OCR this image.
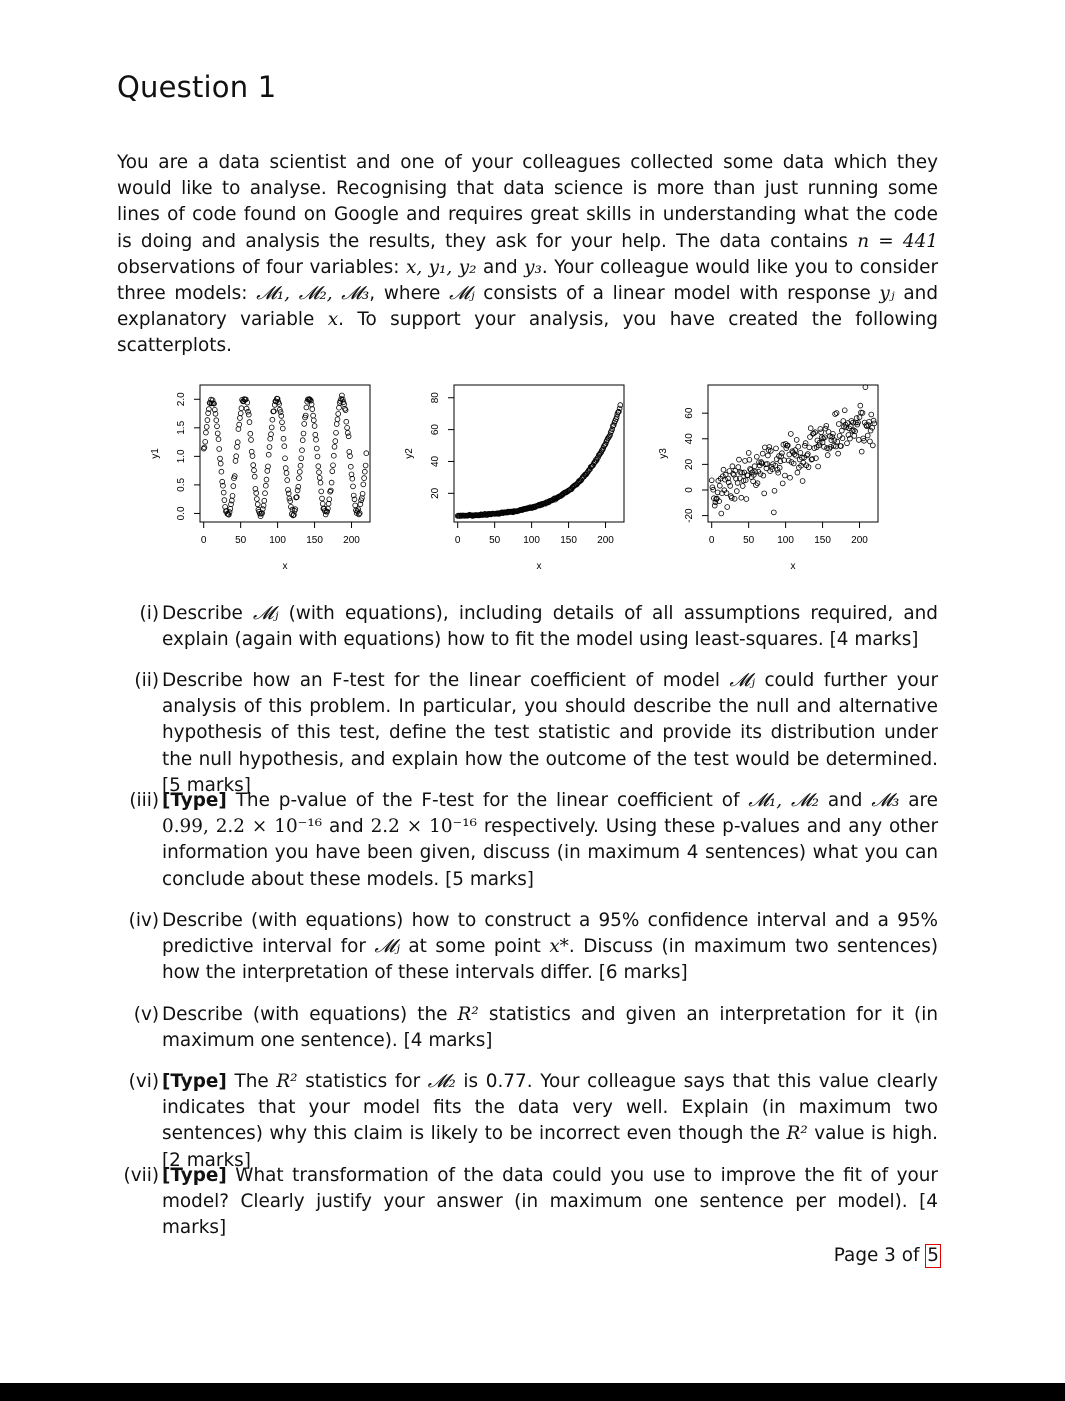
Question 1

You are a data scientist and one of your colleagues collected some data which they would like to analyse. Recognising that data science is more than just running some lines of code found on Google and requires great skills in understanding what the code is doing and analysis the results, they ask for your help. The data contains n = 441 observations of four variables: x, y₁, y₂ and y₃. Your colleague would like you to consider three models: 𝓜₁, 𝓜₂, 𝓜₃, where 𝓜ⱼ consists of a linear model with response yⱼ and explanatory variable x. To support your analysis, you have created the following scatterplots.

0	50 100 150 200
0.0
0.5
1.0
1.5
2.0
x
y1
0	50 100 150 200
20
40
60
80
x
y2
0	50 100 150 200
-20
0
20
40
60
x
y3
(i) Describe 𝓜ⱼ (with equations), including details of all assumptions required, and explain (again with equations) how to fit the model using least-squares. [4 marks]
(ii) Describe how an F-test for the linear coefficient of model 𝓜ⱼ could further your analysis of this problem. In particular, you should describe the null and alternative hypothesis of this test, define the test statistic and provide its distribution under the null hypothesis, and explain how the outcome of the test would be determined. [5 marks]
(iii) [Type] The p-value of the F-test for the linear coefficient of 𝓜₁, 𝓜₂ and 𝓜₃ are 0.99, 2.2 × 10⁻¹⁶ and 2.2 × 10⁻¹⁶ respectively. Using these p-values and any other information you have been given, discuss (in maximum 4 sentences) what you can conclude about these models. [5 marks]
(iv) Describe (with equations) how to construct a 95% confidence interval and a 95% predictive interval for 𝓜ⱼ at some point x*. Discuss (in maximum two sentences) how the interpretation of these intervals differ. [6 marks]
(v) Describe (with equations) the R² statistics and given an interpretation for it (in maximum one sentence). [4 marks]
(vi) [Type] The R² statistics for 𝓜₂ is 0.77. Your colleague says that this value clearly indicates that your model fits the data very well. Explain (in maximum two sentences) why this claim is likely to be incorrect even though the R² value is high. [2 marks]
(vii) [Type] What transformation of the data could you use to improve the fit of your model? Clearly justify your answer (in maximum one sentence per model). [4 marks]
Page 3 of 5
